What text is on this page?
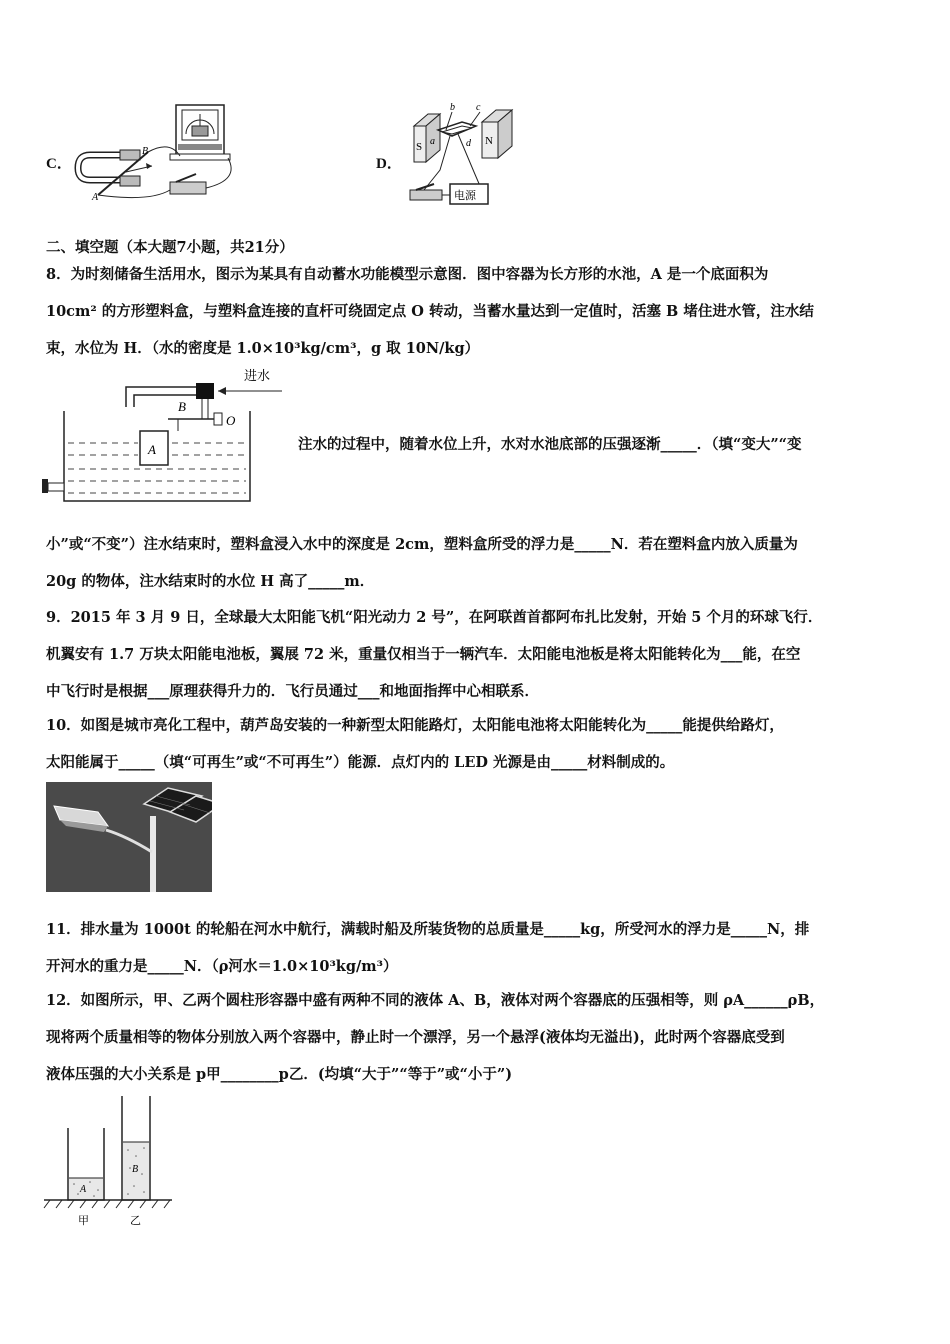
C．
B
A
D．
S	N
b c
a	d
电源
二、填空题（本大题7小题，共21分）
8．为时刻储备生活用水，图示为某具有自动蓄水功能模型示意图．图中容器为长方形的水池，A 是一个底面积为
10cm² 的方形塑料盒，与塑料盒连接的直杆可绕固定点 O 转动，当蓄水量达到一定值时，活塞 B 堵住进水管，注水结
束，水位为 H．（水的密度是 1.0×10³kg/cm³，g 取 10N/kg）
进水
B
O
A	注水的过程中，随着水位上升，水对水池底部的压强逐渐_____．（填“变大”“变
小”或“不变”）注水结束时，塑料盒浸入水中的深度是 2cm，塑料盒所受的浮力是_____N．若在塑料盒内放入质量为
20g 的物体，注水结束时的水位 H 高了_____m．
9．2015 年 3 月 9 日，全球最大太阳能飞机“阳光动力 2 号”，在阿联酋首都阿布扎比发射，开始 5 个月的环球飞行．
机翼安有 1.7 万块太阳能电池板，翼展 72 米，重量仅相当于一辆汽车．太阳能电池板是将太阳能转化为___能，在空
中飞行时是根据___原理获得升力的．飞行员通过___和地面指挥中心相联系．
10．如图是城市亮化工程中，葫芦岛安装的一种新型太阳能路灯，太阳能电池将太阳能转化为_____能提供给路灯，
太阳能属于_____（填“可再生”或“不可再生”）能源．点灯内的 LED 光源是由_____材料制成的。
11．排水量为 1000t 的轮船在河水中航行，满载时船及所装货物的总质量是_____kg，所受河水的浮力是_____N，排
开河水的重力是_____N．（ρ河水＝1.0×10³kg/m³）
12．如图所示，甲、乙两个圆柱形容器中盛有两种不同的液体 A、B，液体对两个容器底的压强相等，则 ρA______ρB，
现将两个质量相等的物体分别放入两个容器中，静止时一个漂浮，另一个悬浮(液体均无溢出)，此时两个容器底受到
液体压强的大小关系是 p甲________p乙．(均填“大于”“等于”或“小于”)
A
B
甲	乙
